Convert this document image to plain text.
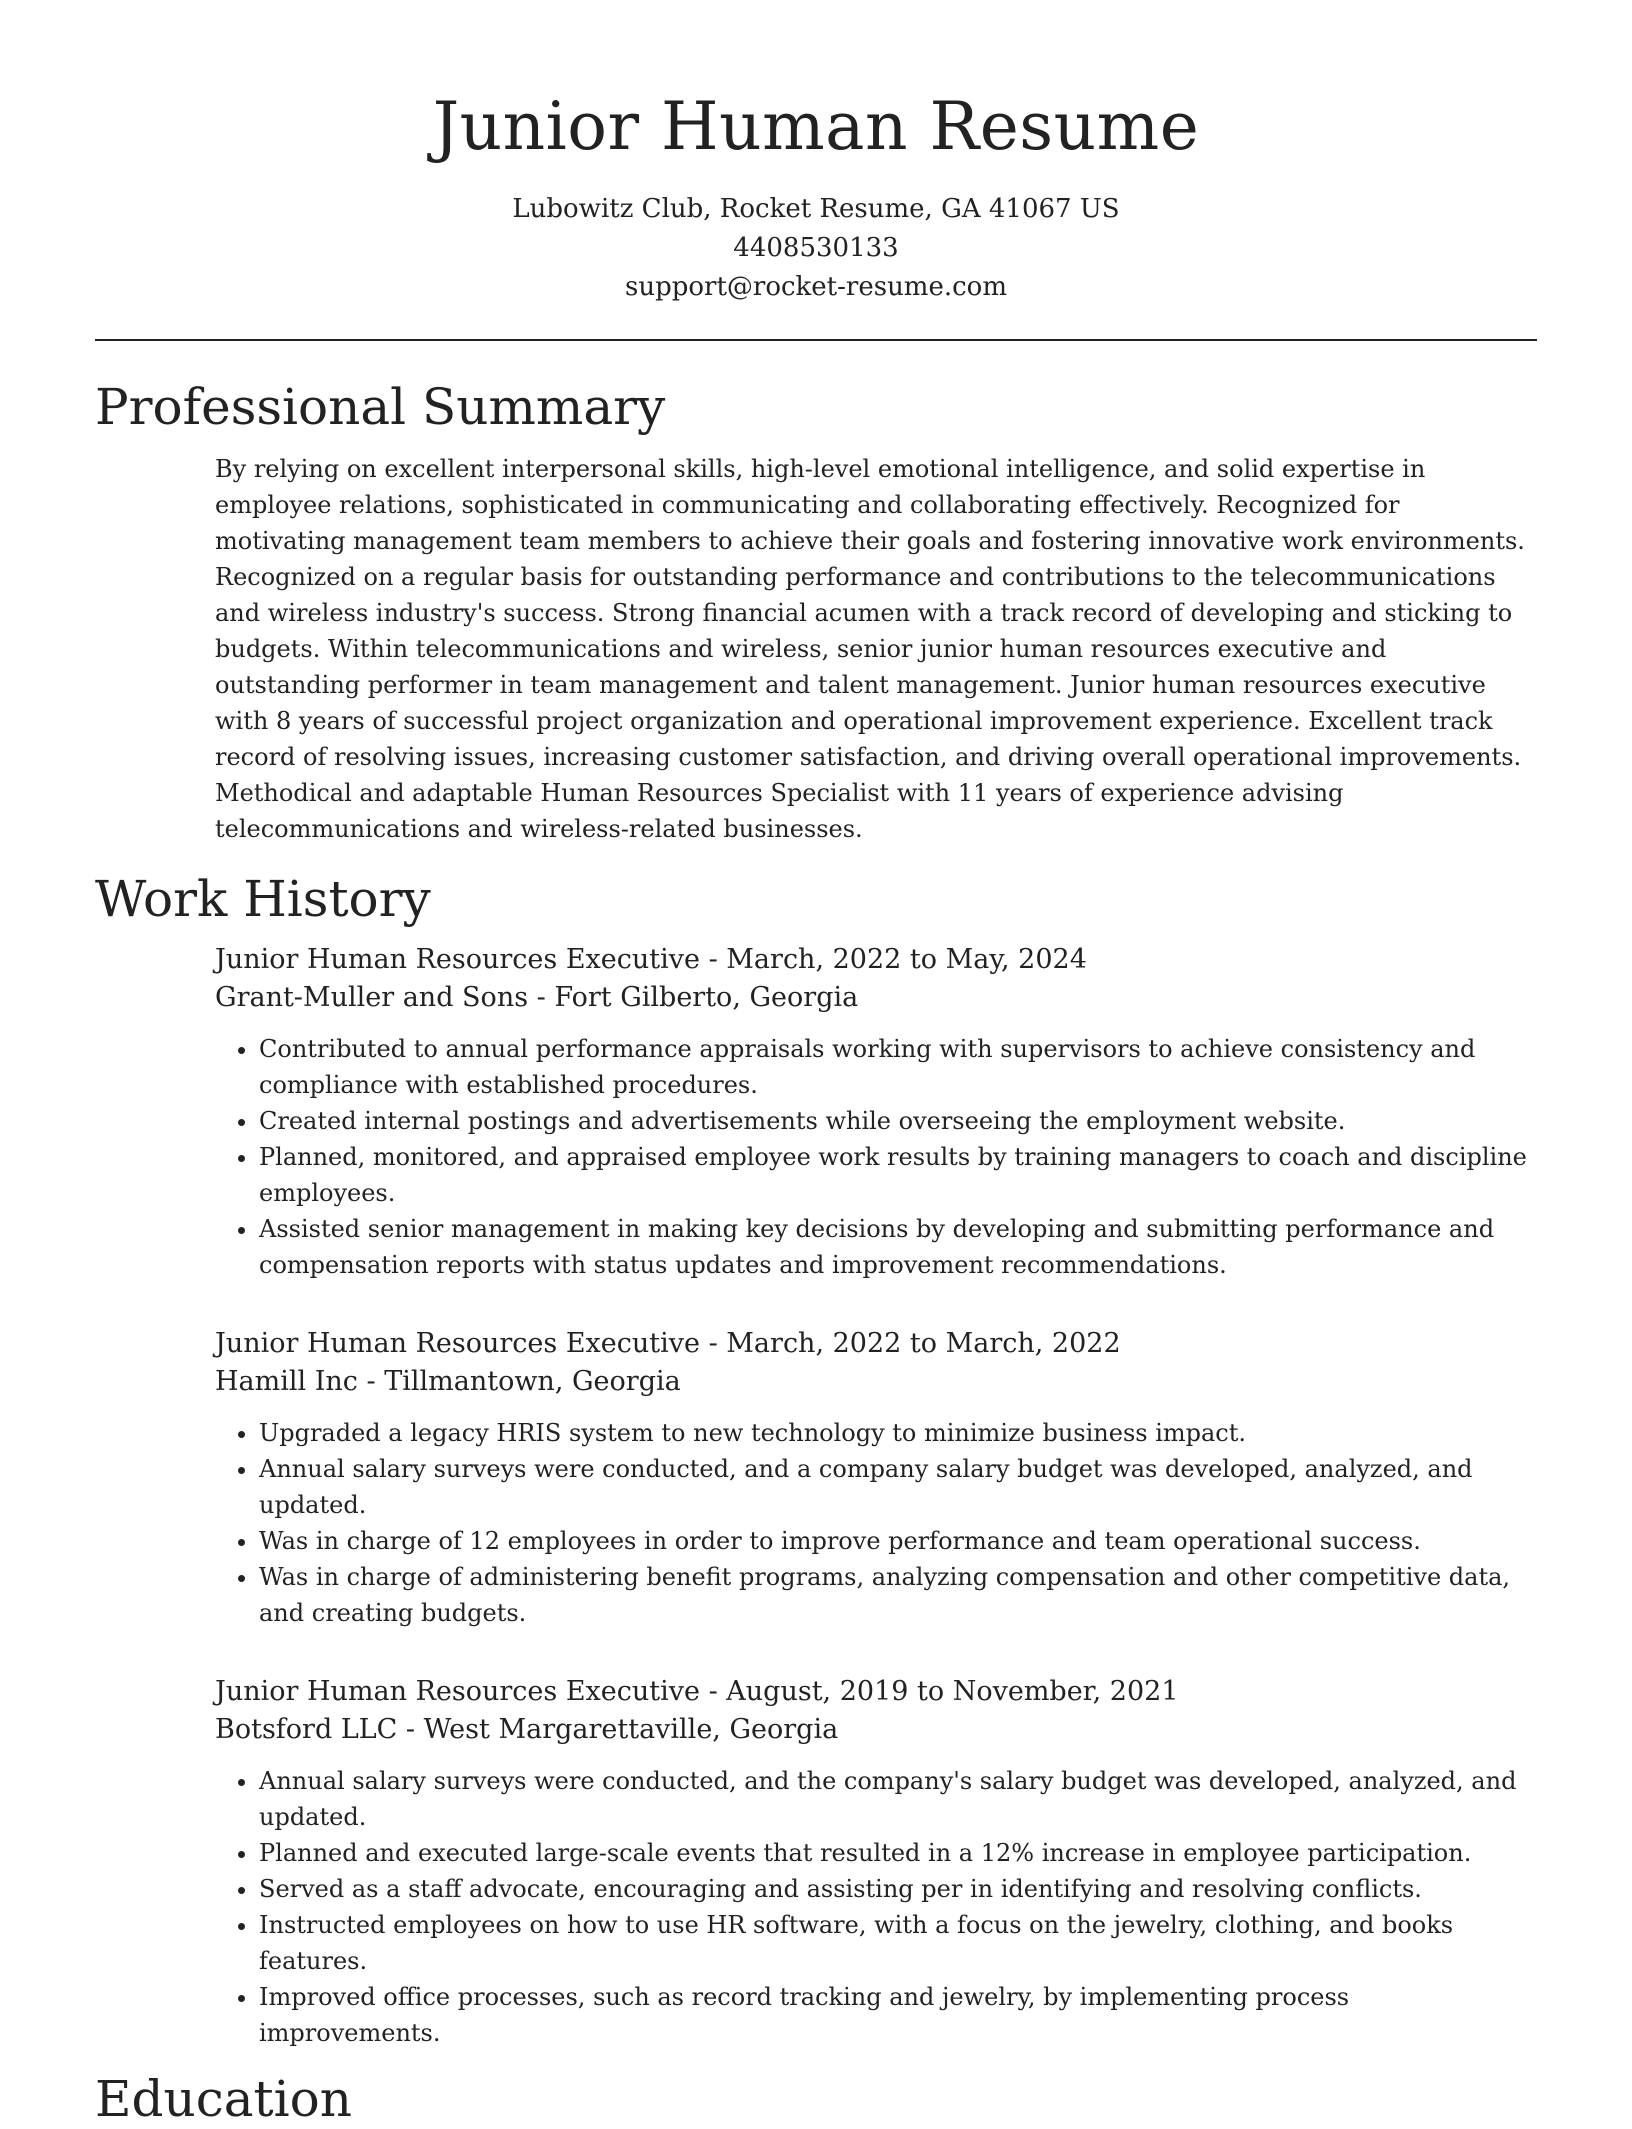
Junior Human Resume

Lubowitz Club, Rocket Resume, GA 41067 US

4408530133

support@rocket-resume.com

Professional Summary

By relying on excellent interpersonal skills, high-level emotional intelligence, and solid expertise in employee relations, sophisticated in communicating and collaborating effectively. Recognized for motivating management team members to achieve their goals and fostering innovative work environments. Recognized on a regular basis for outstanding performance and contributions to the telecommunications and wireless industry's success. Strong financial acumen with a track record of developing and sticking to budgets. Within telecommunications and wireless, senior junior human resources executive and outstanding performer in team management and talent management. Junior human resources executive with 8 years of successful project organization and operational improvement experience. Excellent track record of resolving issues, increasing customer satisfaction, and driving overall operational improvements. Methodical and adaptable Human Resources Specialist with 11 years of experience advising telecommunications and wireless-related businesses.

Work History

Junior Human Resources Executive - March, 2022 to May, 2024

Grant-Muller and Sons - Fort Gilberto, Georgia

• Contributed to annual performance appraisals working with supervisors to achieve consistency and compliance with established procedures.
• Created internal postings and advertisements while overseeing the employment website.
• Planned, monitored, and appraised employee work results by training managers to coach and discipline employees.
• Assisted senior management in making key decisions by developing and submitting performance and compensation reports with status updates and improvement recommendations.

Junior Human Resources Executive - March, 2022 to March, 2022

Hamill Inc - Tillmantown, Georgia

• Upgraded a legacy HRIS system to new technology to minimize business impact.
• Annual salary surveys were conducted, and a company salary budget was developed, analyzed, and updated.
• Was in charge of 12 employees in order to improve performance and team operational success.
• Was in charge of administering benefit programs, analyzing compensation and other competitive data, and creating budgets.

Junior Human Resources Executive - August, 2019 to November, 2021

Botsford LLC - West Margarettaville, Georgia

• Annual salary surveys were conducted, and the company's salary budget was developed, analyzed, and updated.
• Planned and executed large-scale events that resulted in a 12% increase in employee participation.
• Served as a staff advocate, encouraging and assisting per in identifying and resolving conflicts.
• Instructed employees on how to use HR software, with a focus on the jewelry, clothing, and books features.
• Improved office processes, such as record tracking and jewelry, by implementing process improvements.
Education
